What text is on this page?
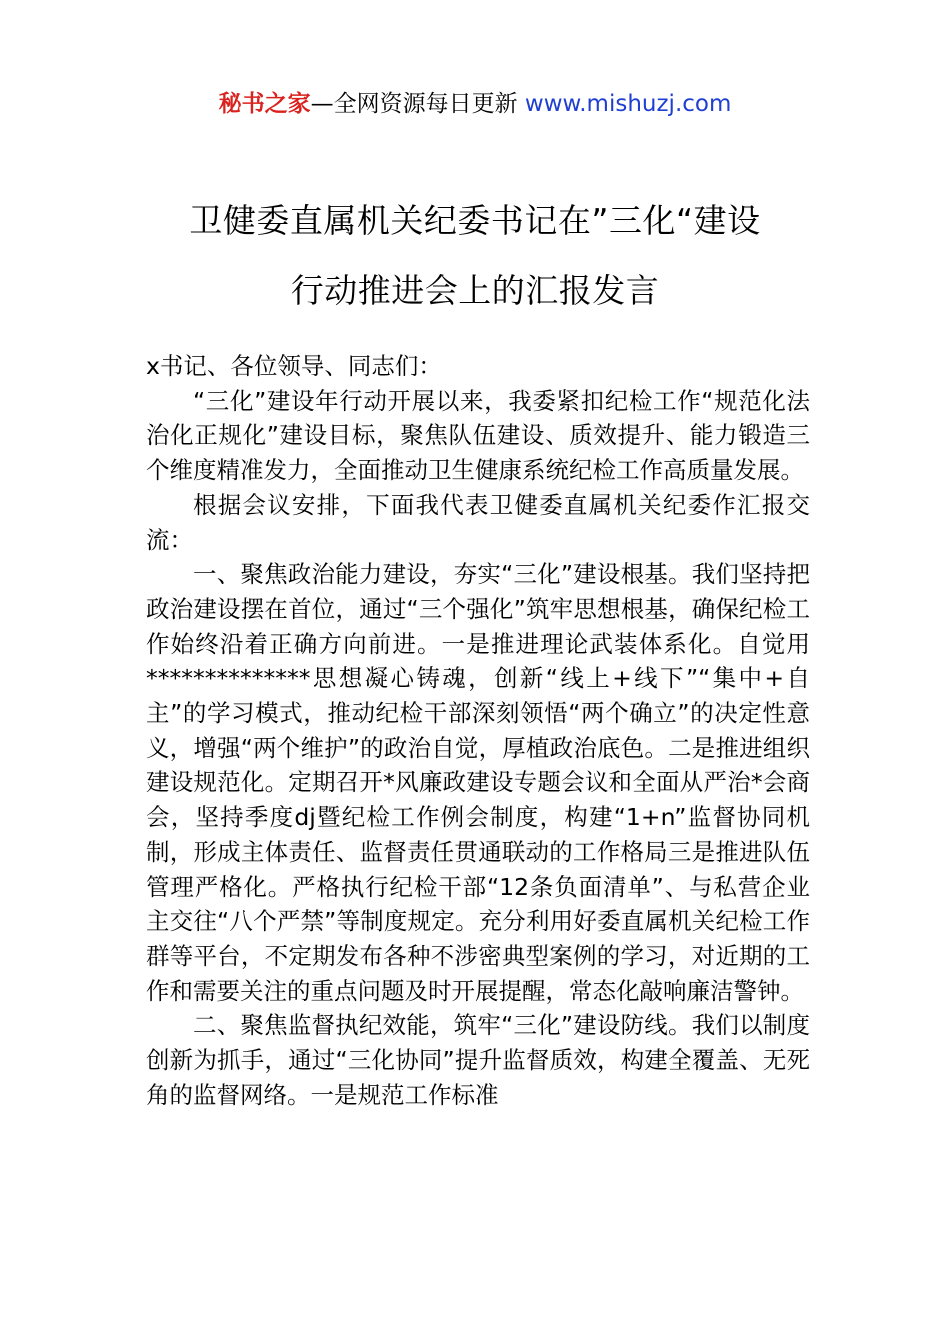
秘书之家—全网资源每日更新 www.mishuzj.com
卫健委直属机关纪委书记在”三化“建设
行动推进会上的汇报发言

x书记、各位领导、同志们：

“三化”建设年行动开展以来，我委紧扣纪检工作“规范化法治化正规化”建设目标，聚焦队伍建设、质效提升、能力锻造三个维度精准发力，全面推动卫生健康系统纪检工作高质量发展。

根据会议安排，下面我代表卫健委直属机关纪委作汇报交流：

一、聚焦政治能力建设，夯实“三化”建设根基。我们坚持把政治建设摆在首位，通过“三个强化”筑牢思想根基，确保纪检工作始终沿着正确方向前进。一是推进理论武装体系化。自觉用**************思想凝心铸魂，创新“线上+线下”“集中+自主”的学习模式，推动纪检干部深刻领悟“两个确立”的决定性意义，增强“两个维护”的政治自觉，厚植政治底色。二是推进组织建设规范化。定期召开*风廉政建设专题会议和全面从严治*会商会，坚持季度dj暨纪检工作例会制度，构建“1+n”监督协同机制，形成主体责任、监督责任贯通联动的工作格局三是推进队伍管理严格化。严格执行纪检干部“12条负面清单”、与私营企业主交往“八个严禁”等制度规定。充分利用好委直属机关纪检工作群等平台，不定期发布各种不涉密典型案例的学习，对近期的工作和需要关注的重点问题及时开展提醒，常态化敲响廉洁警钟。

二、聚焦监督执纪效能，筑牢“三化”建设防线。我们以制度创新为抓手，通过“三化协同”提升监督质效，构建全覆盖、无死角的监督网络。一是规范工作标准
